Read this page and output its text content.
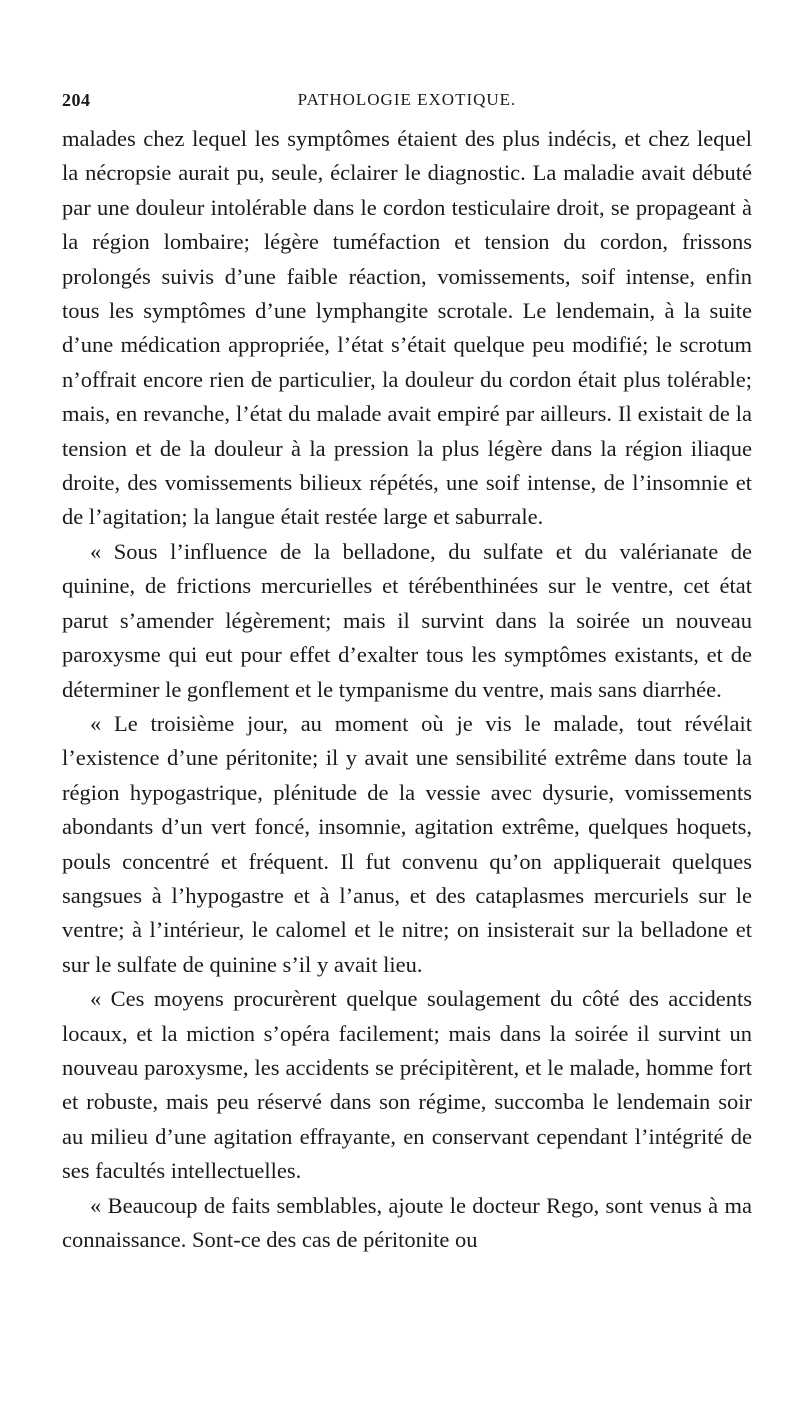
204	PATHOLOGIE EXOTIQUE.

malades chez lequel les symptômes étaient des plus indécis, et chez lequel la nécropsie aurait pu, seule, éclairer le diagnostic. La maladie avait débuté par une douleur intolérable dans le cordon testiculaire droit, se propageant à la région lombaire; légère tuméfaction et tension du cordon, frissons prolongés suivis d’une faible réaction, vomissements, soif intense, enfin tous les symptômes d’une lymphangite scrotale. Le lendemain, à la suite d’une médication appropriée, l’état s’était quelque peu modifié; le scrotum n’offrait encore rien de particulier, la douleur du cordon était plus tolérable; mais, en revanche, l’état du malade avait empiré par ailleurs. Il existait de la tension et de la douleur à la pression la plus légère dans la région iliaque droite, des vomissements bilieux répétés, une soif intense, de l’insomnie et de l’agitation; la langue était restée large et saburrale.

« Sous l’influence de la belladone, du sulfate et du valérianate de quinine, de frictions mercurielles et térébenthinées sur le ventre, cet état parut s’amender légèrement; mais il survint dans la soirée un nouveau paroxysme qui eut pour effet d’exalter tous les symptômes existants, et de déterminer le gonflement et le tympanisme du ventre, mais sans diarrhée.

« Le troisième jour, au moment où je vis le malade, tout révélait l’existence d’une péritonite; il y avait une sensibilité extrême dans toute la région hypogastrique, plénitude de la vessie avec dysurie, vomissements abondants d’un vert foncé, insomnie, agitation extrême, quelques hoquets, pouls concentré et fréquent. Il fut convenu qu’on appliquerait quelques sangsues à l’hypogastre et à l’anus, et des cataplasmes mercuriels sur le ventre; à l’intérieur, le calomel et le nitre; on insisterait sur la belladone et sur le sulfate de quinine s’il y avait lieu.

« Ces moyens procurèrent quelque soulagement du côté des accidents locaux, et la miction s’opéra facilement; mais dans la soirée il survint un nouveau paroxysme, les accidents se précipitèrent, et le malade, homme fort et robuste, mais peu réservé dans son régime, succomba le lendemain soir au milieu d’une agitation effrayante, en conservant cependant l’intégrité de ses facultés intellectuelles.

« Beaucoup de faits semblables, ajoute le docteur Rego, sont venus à ma connaissance. Sont-ce des cas de péritonite ou
